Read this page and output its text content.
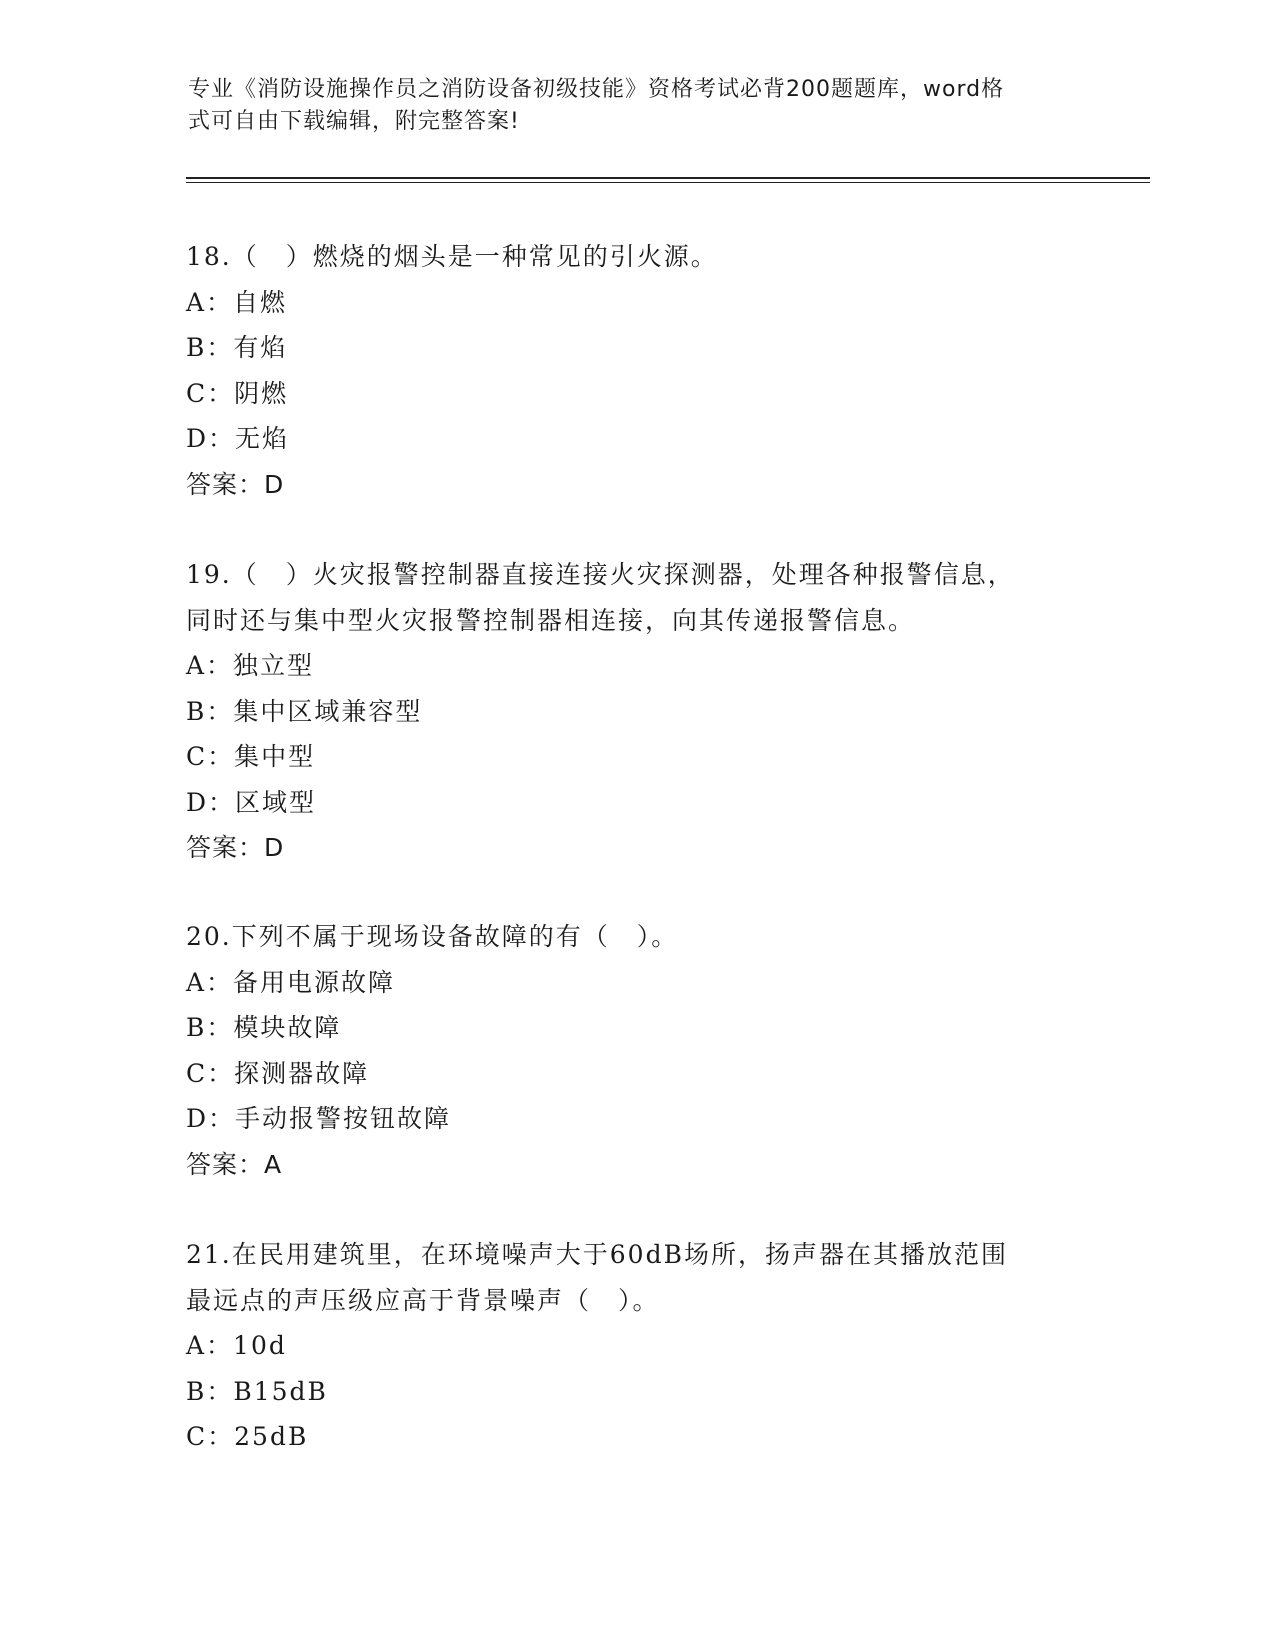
专业《消防设施操作员之消防设备初级技能》资格考试必背200题题库，word格
式可自由下载编辑，附完整答案!
18.（　）燃烧的烟头是一种常见的引火源。
A：自燃
B：有焰
C：阴燃
D：无焰
答案：D
19.（　）火灾报警控制器直接连接火灾探测器，处理各种报警信息，
同时还与集中型火灾报警控制器相连接，向其传递报警信息。
A：独立型
B：集中区域兼容型
C：集中型
D：区域型
答案：D
20.下列不属于现场设备故障的有（　）。
A：备用电源故障
B：模块故障
C：探测器故障
D：手动报警按钮故障
答案：A
21.在民用建筑里，在环境噪声大于60dB场所，扬声器在其播放范围
最远点的声压级应高于背景噪声（　）。
A：10d
B：B15dB
C：25dB
